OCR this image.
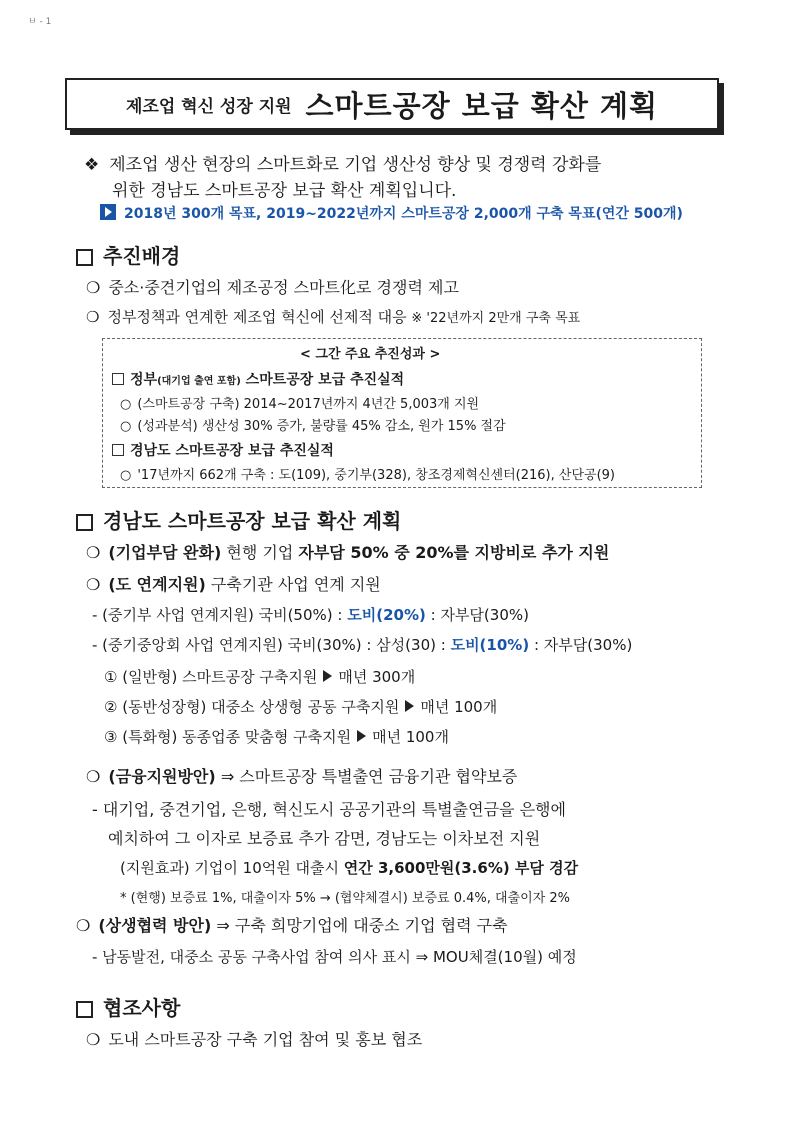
ㅂ - 1
제조업 혁신 성장 지원 스마트공장 보급 확산 계획
❖ 제조업 생산 현장의 스마트화로 기업 생산성 향상 및 경쟁력 강화를
위한 경남도 스마트공장 보급 확산 계획입니다.
2018년 300개 목표, 2019~2022년까지 스마트공장 2,000개 구축 목표(연간 500개)
추진배경
❍ 중소·중견기업의 제조공정 스마트化로 경쟁력 제고
❍ 정부정책과 연계한 제조업 혁신에 선제적 대응 ※ '22년까지 2만개 구축 목표
< 그간 주요 추진성과 >
정부(대기업 출연 포함) 스마트공장 보급 추진실적
○ (스마트공장 구축) 2014~2017년까지 4년간 5,003개 지원
○ (성과분석) 생산성 30% 증가, 불량률 45% 감소, 원가 15% 절감
경남도 스마트공장 보급 추진실적
○ '17년까지 662개 구축 : 도(109), 중기부(328), 창조경제혁신센터(216), 산단공(9)
경남도 스마트공장 보급 확산 계획
❍ (기업부담 완화) 현행 기업 자부담 50% 중 20%를 지방비로 추가 지원
❍ (도 연계지원) 구축기관 사업 연계 지원
- (중기부 사업 연계지원) 국비(50%) : 도비(20%) : 자부담(30%)
- (중기중앙회 사업 연계지원) 국비(30%) : 삼성(30) : 도비(10%) : 자부담(30%)
① (일반형) 스마트공장 구축지원 매년 300개
② (동반성장형) 대중소 상생형 공동 구축지원 매년 100개
③ (특화형) 동종업종 맞춤형 구축지원 매년 100개
❍ (금융지원방안) ⇒ 스마트공장 특별출연 금융기관 협약보증
- 대기업, 중견기업, 은행, 혁신도시 공공기관의 특별출연금을 은행에
예치하여 그 이자로 보증료 추가 감면, 경남도는 이차보전 지원
(지원효과) 기업이 10억원 대출시 연간 3,600만원(3.6%) 부담 경감
* (현행) 보증료 1%, 대출이자 5% → (협약체결시) 보증료 0.4%, 대출이자 2%
❍ (상생협력 방안) ⇒ 구축 희망기업에 대중소 기업 협력 구축
- 남동발전, 대중소 공동 구축사업 참여 의사 표시 ⇒ MOU체결(10월) 예정
협조사항
❍ 도내 스마트공장 구축 기업 참여 및 홍보 협조
